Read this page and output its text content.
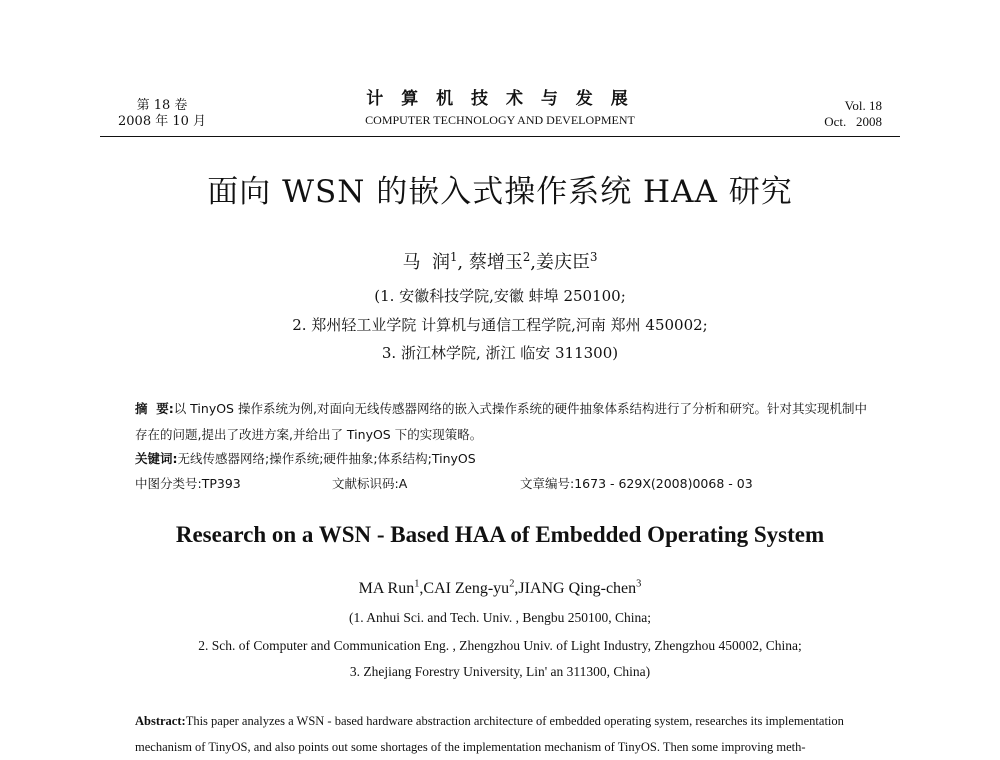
第 18 卷
2008 年 10 月
计 算 机 技 术 与 发 展
COMPUTER TECHNOLOGY AND DEVELOPMENT
Vol. 18
Oct.   2008
面向 WSN 的嵌入式操作系统 HAA 研究
马  润$^1$, 蔡增玉$^2$,姜庆臣$^3$
(1. 安徽科技学院,安徽 蚌埠 250100;
2. 郑州轻工业学院 计算机与通信工程学院,河南 郑州 450002;
3. 浙江林学院, 浙江 临安 311300)
摘  要:以 TinyOS 操作系统为例,对面向无线传感器网络的嵌入式操作系统的硬件抽象体系结构进行了分析和研究。针对其实现机制中存在的问题,提出了改进方案,并给出了 TinyOS 下的实现策略。
关键词:无线传感器网络;操作系统;硬件抽象;体系结构;TinyOS
中图分类号:TP393	文献标识码:A	文章编号:1673 - 629X(2008)0068 - 03
Research on a WSN - Based HAA of Embedded Operating System
MA Run$^1$,CAI Zeng-$yu^2,JIANG$ Qing-chen$^3$
(1. Anhui Sci. and Tech. Univ. , Bengbu 250100, China;
2. Sch. of Computer and Communication Eng. , Zhengzhou Univ. of Light Industry, Zhengzhou 450002, China;
3. Zhejiang Forestry University, Lin' an 311300, China)
Abstract:This paper analyzes a WSN - based hardware abstraction architecture of embedded operating system, researches its implementation mechanism of TinyOS, and also points out some shortages of the implementation mechanism of TinyOS. Then some improving meth-
